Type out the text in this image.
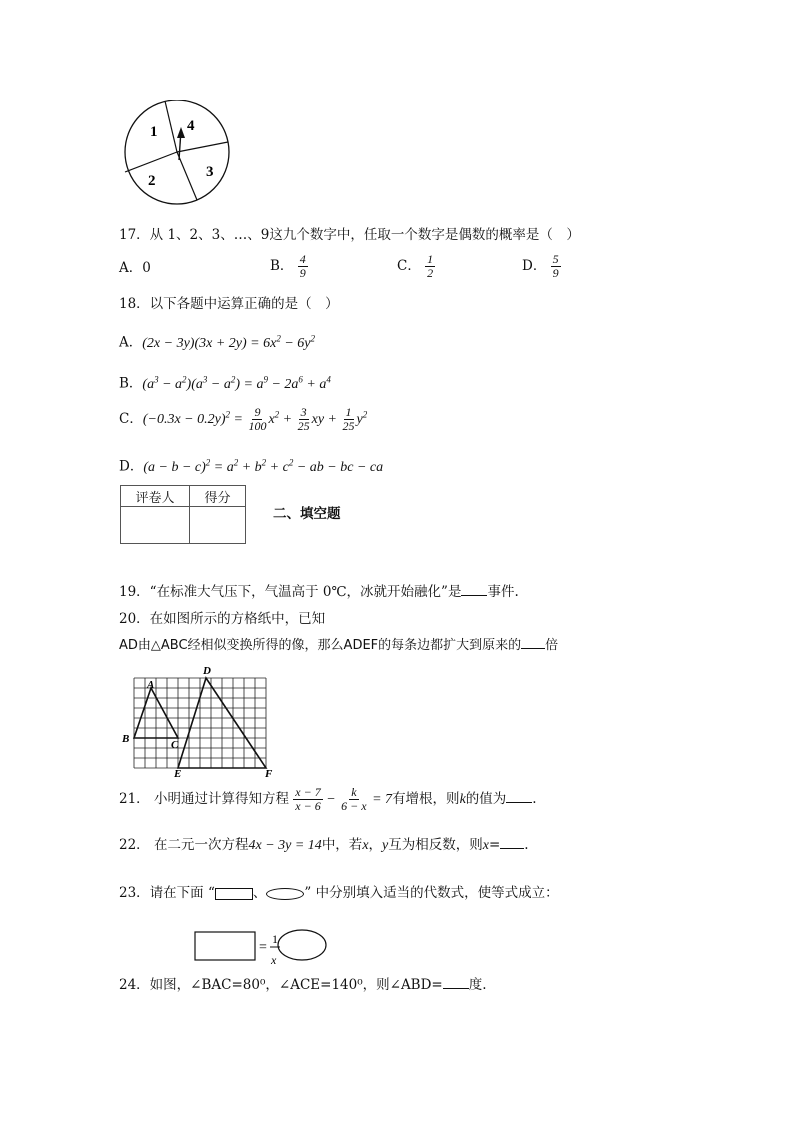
1 4
3
2
17．从 1、2、3、…、9这九个数字中，任取一个数字是偶数的概率是（　）
A．0	B． $\frac{4}{9}$	C． $\frac{1}{2}$	D． $\frac{5}{9}$
18．以下各题中运算正确的是（　）
A．$(2x - 3y)(3x + 2y) = 6x^2 - 6y^2$
B．$(a^3 - a^2)(a^3 - a^2) = a^9 - 2a^6 + a^4$
C．$(-0.3x - 0.2y)^2 = \frac{9}{100} x^2 + \frac{3}{25}$ xy + $\frac{1}{25} y^2$
D．$(a - b - c)^2 = a^2 + b^2 + c^2$ − ab − bc − ca
评卷人	得分

二、填空题
19．“在标准大气压下，气温高于 0℃，冰就开始融化”是 事件.
20．在如图所示的方格纸中，已知
AD由△ABC经相似变换所得的像，那么ADEF的每条边都扩大到原来的 倍
A
B	C
D
E	F
21． 小明通过计算得知方程 $\frac{x - 7}{x - 6} - \frac{k}{6 - x} = 7$有增根，则k的值为 .
22． 在二元一次方程4x − 3y = 14中，若x，y互为相反数，则x= .
23．请在下面 “	、	” 中分别填入适当的代数式，使等式成立：
=
1
x
24．如图，∠BAC=80⁰，∠ACE=140⁰，则∠ABD= 度.
